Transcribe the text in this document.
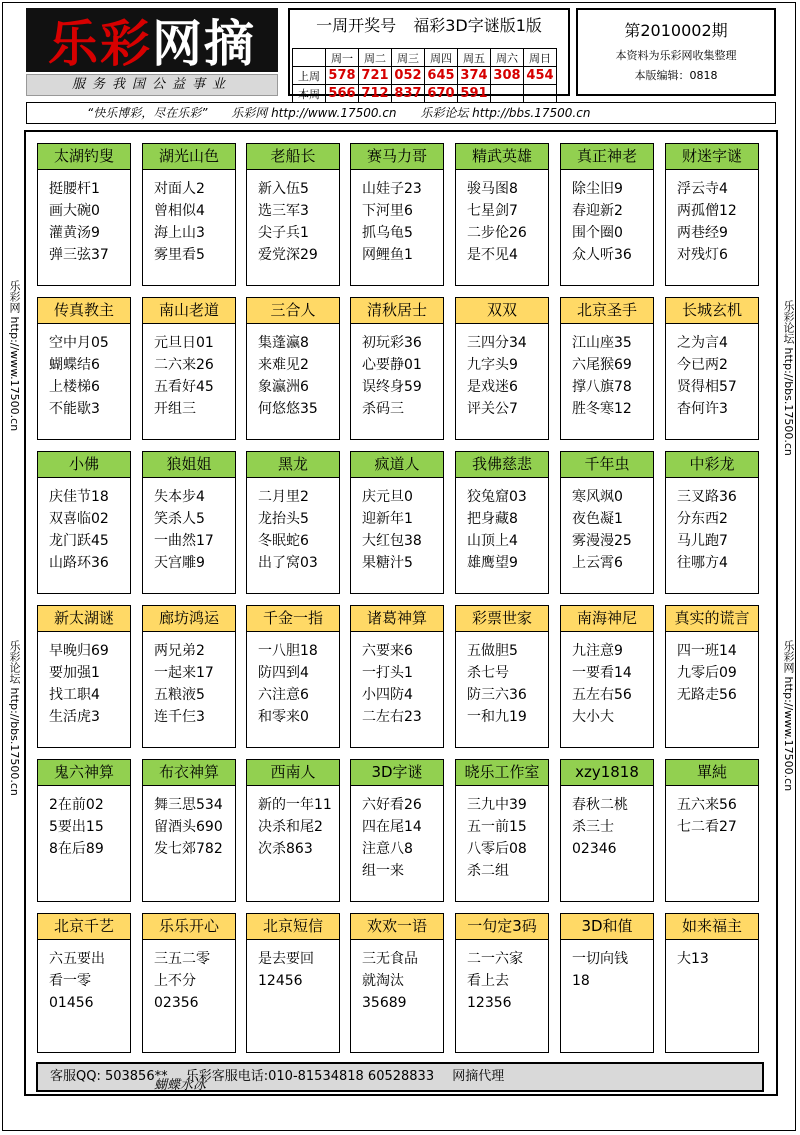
乐彩 网摘
服务我国公益事业
一周开奖号 福彩3D字谜版1版
	周一	周二	周三	周四	周五	周六	周日
上周	578	721	052	645	374	308	454
本周	566	712	837	670	591		
第2010002期
本资料为乐彩网收集整理
本版编辑：0818
“快乐博彩，尽在乐彩” 乐彩网 http://www.17500.cn 乐彩论坛 http://bbs.17500.cn
乐彩网 http://www.17500.cn
乐彩论坛 http://bbs.17500.cn
乐彩论坛 http://bbs.17500.cn
乐彩网 http://www.17500.cn
太湖钓叟
挺腰杆1
画大碗0
灌黄汤9
弹三弦37
湖光山色
对面人2
曾相似4
海上山3
雾里看5
老船长
新入伍5
选三军3
尖子兵1
爱党深29
赛马力哥
山娃子23
下河里6
抓乌龟5
网鲤鱼1
精武英雄
骏马图8
七星剑7
二步伦26
是不见4
真正神老
除尘旧9
春迎新2
围个圈0
众人听36
财迷字谜
浮云寺4
两孤僧12
两巷经9
对残灯6
传真教主
空中月05
蝴蝶结6
上楼梯6
不能歇3
南山老道
元旦日01
二六来26
五看好45
开组三
三合人
集蓬瀛8
来难见2
象瀛洲6
何悠悠35
清秋居士
初玩彩36
心要静01
误终身59
杀码三
双双
三四分34
九字头9
是戏迷6
评关公7
北京圣手
江山座35
六尾猴69
撑八旗78
胜冬寒12
长城玄机
之为言4
今已两2
贤得相57
杳何许3
小佛
庆佳节18
双喜临02
龙门跃45
山路环36
狼姐姐
失本步4
笑杀人5
一曲然17
天宫雕9
黑龙
二月里2
龙抬头5
冬眠蛇6
出了窝03
疯道人
庆元旦0
迎新年1
大红包38
果糖汁5
我佛慈悲
狡兔窟03
把身藏8
山顶上4
雄鹰望9
千年虫
寒风飒0
夜色凝1
雾漫漫25
上云霄6
中彩龙
三叉路36
分东西2
马儿跑7
往哪方4
新太湖谜
早晚归69
要加强1
找工职4
生活虎3
廊坊鸿运
两兄弟2
一起来17
五粮液5
连千仨3
千金一指
一八胆18
防四到4
六注意6
和零来0
诸葛神算
六要来6
一打头1
小四防4
二左右23
彩票世家
五做胆5
杀七号
防三六36
一和九19
南海神尼
九注意9
一要看14
五左右56
大小大
真实的谎言
四一班14
九零后09
无路走56
鬼六神算
2在前02
5要出15
8在后89
布衣神算
舞三思534
留酒头690
发七郊782
西南人
新的一年11
决杀和尾2
次杀863
3D字谜
六好看26
四在尾14
注意八8
组一来
晓乐工作室
三九中39
五一前15
八零后08
杀二组
xzy1818
春秋二桃
杀三士
02346
單純
五六来56
七二看27
北京千艺
六五要出
看一零
01456
乐乐开心
三五二零
上不分
02356
北京短信
是去要回
12456
欢欢一语
三无食品
就淘汰
35689
一句定3码
二一六家
看上去
12356
3D和值
一切向钱
18
如来福主
大13
客服QQ: 503856** 乐彩客服电话:010-81534818 60528833 网摘代理
蝴蝶水冰
